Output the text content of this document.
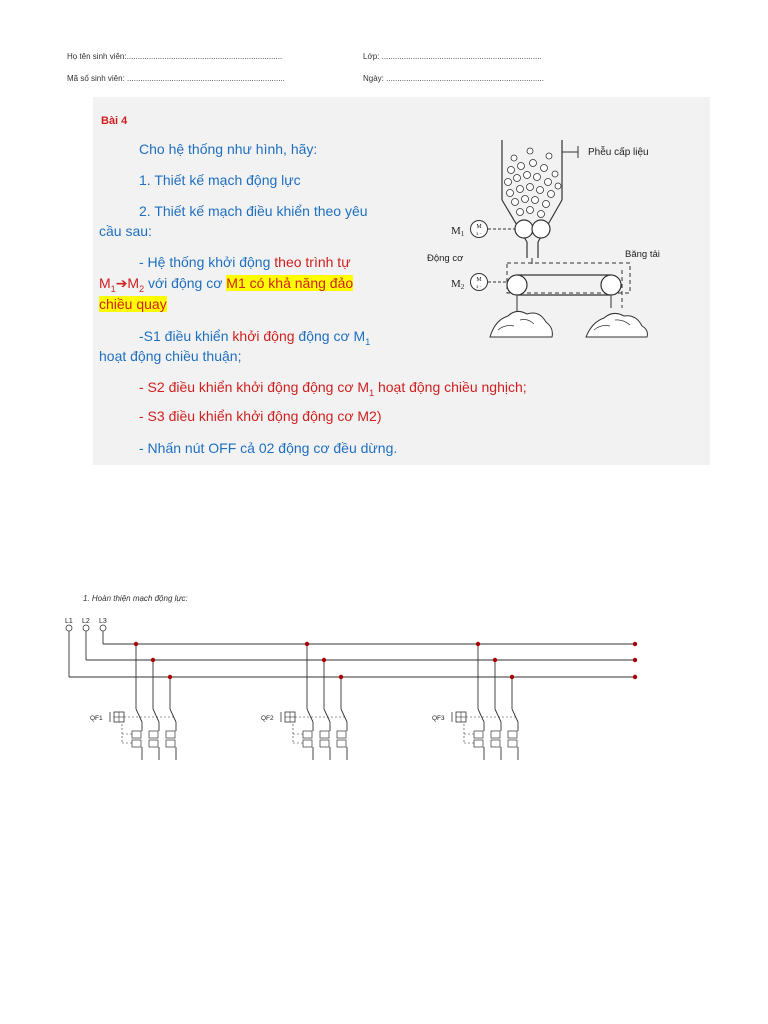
Họ tên sinh viên:......................................................................	Lớp: ........................................................................
Mã số sinh viên: .......................................................................	Ngày: .......................................................................
Bài 4
Cho hệ thống như hình, hãy:
1. Thiết kế mạch động lực
2. Thiết kế mạch điều khiển theo yêu
cầu sau:
- Hệ thống khởi động theo trình tự
$M_1➔M_2$ với động cơ M1 có khả năng đảo
chiều quay
-S1 điều khiển khởi động động cơ $M_1$
hoạt động chiều thuận;
- S2 điều khiển khởi động động cơ $M_1$ hoạt động chiều nghịch;
- S3 điều khiển khởi động động cơ M2)
- Nhấn nút OFF cả 02 động cơ đều dừng.
Phễu cấp liệu
M1
M
3 ~
Động cơ	Băng tải
M2
M
3 ~
1. Hoàn thiện mạch động lực:
L1 L2 L3
QF1	QF2	QF3
